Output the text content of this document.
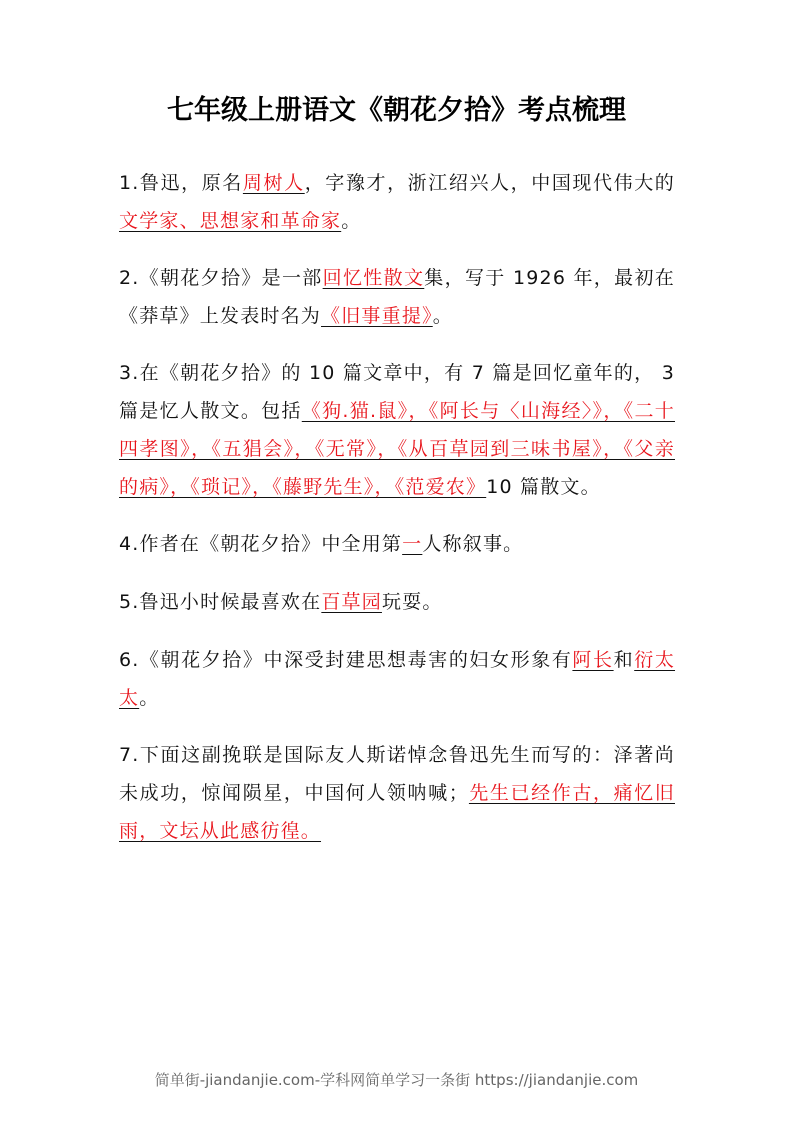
七年级上册语文《朝花夕拾》考点梳理

1.鲁迅，原名周树人，字豫才，浙江绍兴人，中国现代伟大的文学家、思想家和革命家。

2.《朝花夕拾》是一部回忆性散文集，写于 1926 年，最初在《莽草》上发表时名为《旧事重提》。

3.在《朝花夕拾》的 10 篇文章中，有 7 篇是回忆童年的， 3 篇是忆人散文。包括《狗.猫.鼠》，《阿长与〈山海经〉》，《二十四孝图》，《五猖会》，《无常》，《从百草园到三味书屋》，《父亲的病》，《琐记》，《藤野先生》，《范爱农》10 篇散文。

4.作者在《朝花夕拾》中全用第一人称叙事。

5.鲁迅小时候最喜欢在百草园玩耍。

6.《朝花夕拾》中深受封建思想毒害的妇女形象有阿长和衍太太。

7.下面这副挽联是国际友人斯诺悼念鲁迅先生而写的：泽著尚未成功，惊闻陨星，中国何人领呐喊；先生已经作古，痛忆旧雨，文坛从此感彷徨。

简单街-jiandanjie.com-学科网简单学习一条街 https://jiandanjie.com
